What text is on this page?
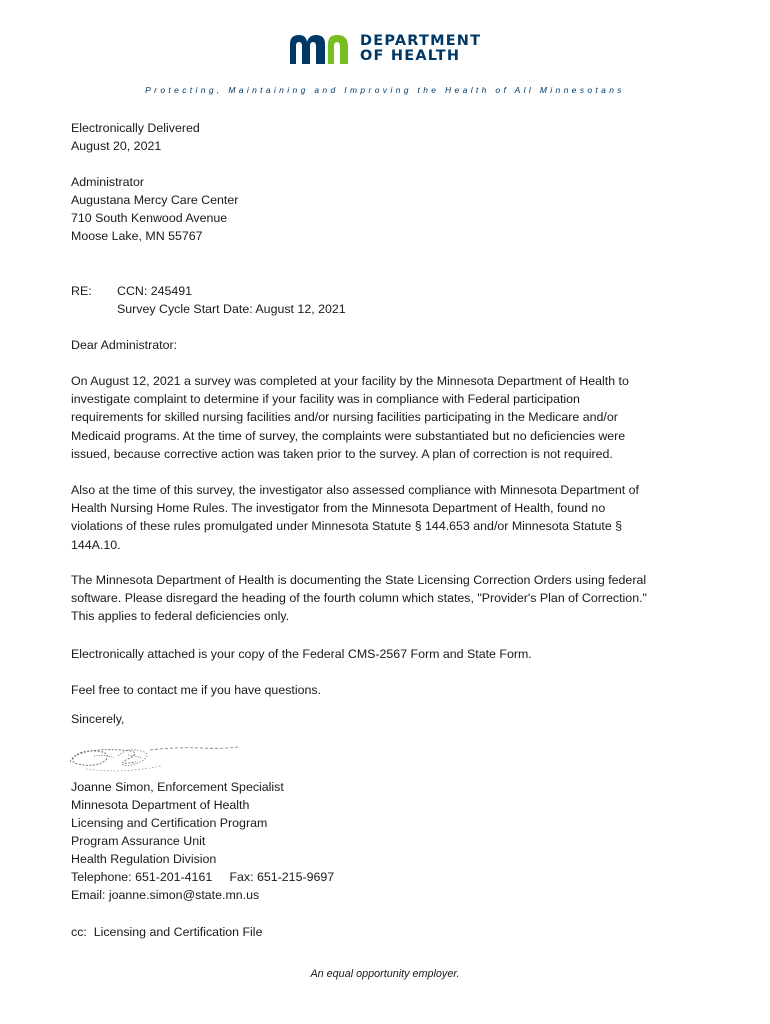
DEPARTMENT
OF HEALTH
Protecting, Maintaining and Improving the Health of All Minnesotans
Electronically Delivered
August 20, 2021
Administrator
Augustana Mercy Care Center
710 South Kenwood Avenue
Moose Lake, MN 55767
RE: CCN: 245491
Survey Cycle Start Date: August 12, 2021
Dear Administrator:
On August 12, 2021 a survey was completed at your facility by the Minnesota Department of Health to
investigate complaint to determine if your facility was in compliance with Federal participation
requirements for skilled nursing facilities and/or nursing facilities participating in the Medicare and/or
Medicaid programs. At the time of survey, the complaints were substantiated but no deficiencies were
issued, because corrective action was taken prior to the survey. A plan of correction is not required.
Also at the time of this survey, the investigator also assessed compliance with Minnesota Department of
Health Nursing Home Rules. The investigator from the Minnesota Department of Health, found no
violations of these rules promulgated under Minnesota Statute § 144.653 and/or Minnesota Statute §
144A.10.
The Minnesota Department of Health is documenting the State Licensing Correction Orders using federal
software. Please disregard the heading of the fourth column which states, "Provider's Plan of Correction."
This applies to federal deficiencies only.
Electronically attached is your copy of the Federal CMS-2567 Form and State Form.
Feel free to contact me if you have questions.
Sincerely,
Joanne Simon, Enforcement Specialist
Minnesota Department of Health
Licensing and Certification Program
Program Assurance Unit
Health Regulation Division
Telephone: 651-201-4161     Fax: 651-215-9697
Email: joanne.simon@state.mn.us
cc:  Licensing and Certification File
An equal opportunity employer.
